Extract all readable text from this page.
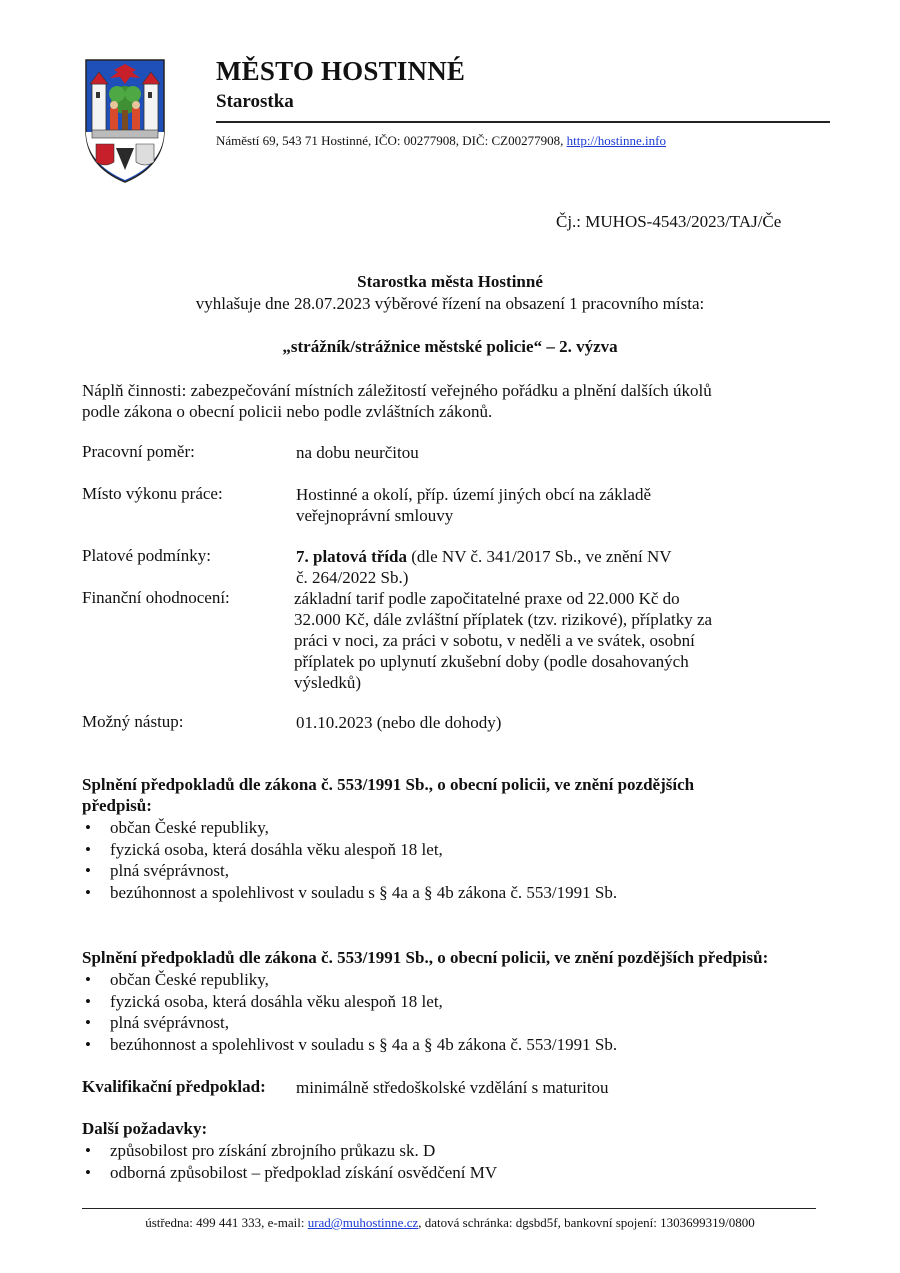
MĚSTO HOSTINNÉ
Starostka
Náměstí 69, 543 71 Hostinné, IČO: 00277908, DIČ: CZ00277908, http://hostinne.info
Čj.: MUHOS-4543/2023/TAJ/Če
Starostka města Hostinné
vyhlašuje dne 28.07.2023 výběrové řízení na obsazení 1 pracovního místa:
„strážník/strážnice městské policie“ – 2. výzva
Náplň činnosti: zabezpečování místních záležitostí veřejného pořádku a plnění dalších úkolů
podle zákona o obecní policii nebo podle zvláštních zákonů.
Pracovní poměr:	na dobu neurčitou
Místo výkonu práce:	Hostinné a okolí, příp. území jiných obcí na základě
veřejnoprávní smlouvy
Platové podmínky:	7. platová třída (dle NV č. 341/2017 Sb., ve znění NV
č. 264/2022 Sb.)
Finanční ohodnocení:	základní tarif podle započitatelné praxe od 22.000 Kč do
32.000 Kč, dále zvláštní příplatek (tzv. rizikové), příplatky za
práci v noci, za práci v sobotu, v neděli a ve svátek, osobní
příplatek po uplynutí zkušební doby (podle dosahovaných
výsledků)
Možný nástup:	01.10.2023 (nebo dle dohody)
Splnění předpokladů dle zákona č. 553/1991 Sb., o obecní policii, ve znění pozdějších
předpisů:
• občan České republiky,
• fyzická osoba, která dosáhla věku alespoň 18 let,
• plná svéprávnost,
• bezúhonnost a spolehlivost v souladu s § 4a a § 4b zákona č. 553/1991 Sb.
Splnění předpokladů dle zákona č. 553/1991 Sb., o obecní policii, ve znění pozdějších předpisů:
• občan České republiky,
• fyzická osoba, která dosáhla věku alespoň 18 let,
• plná svéprávnost,
• bezúhonnost a spolehlivost v souladu s § 4a a § 4b zákona č. 553/1991 Sb.
Kvalifikační předpoklad: minimálně středoškolské vzdělání s maturitou
Další požadavky:
• způsobilost pro získání zbrojního průkazu sk. D
• odborná způsobilost – předpoklad získání osvědčení MV
ústředna: 499 441 333, e-mail: urad@muhostinne.cz, datová schránka: dgsbd5f, bankovní spojení: 1303699319/0800
